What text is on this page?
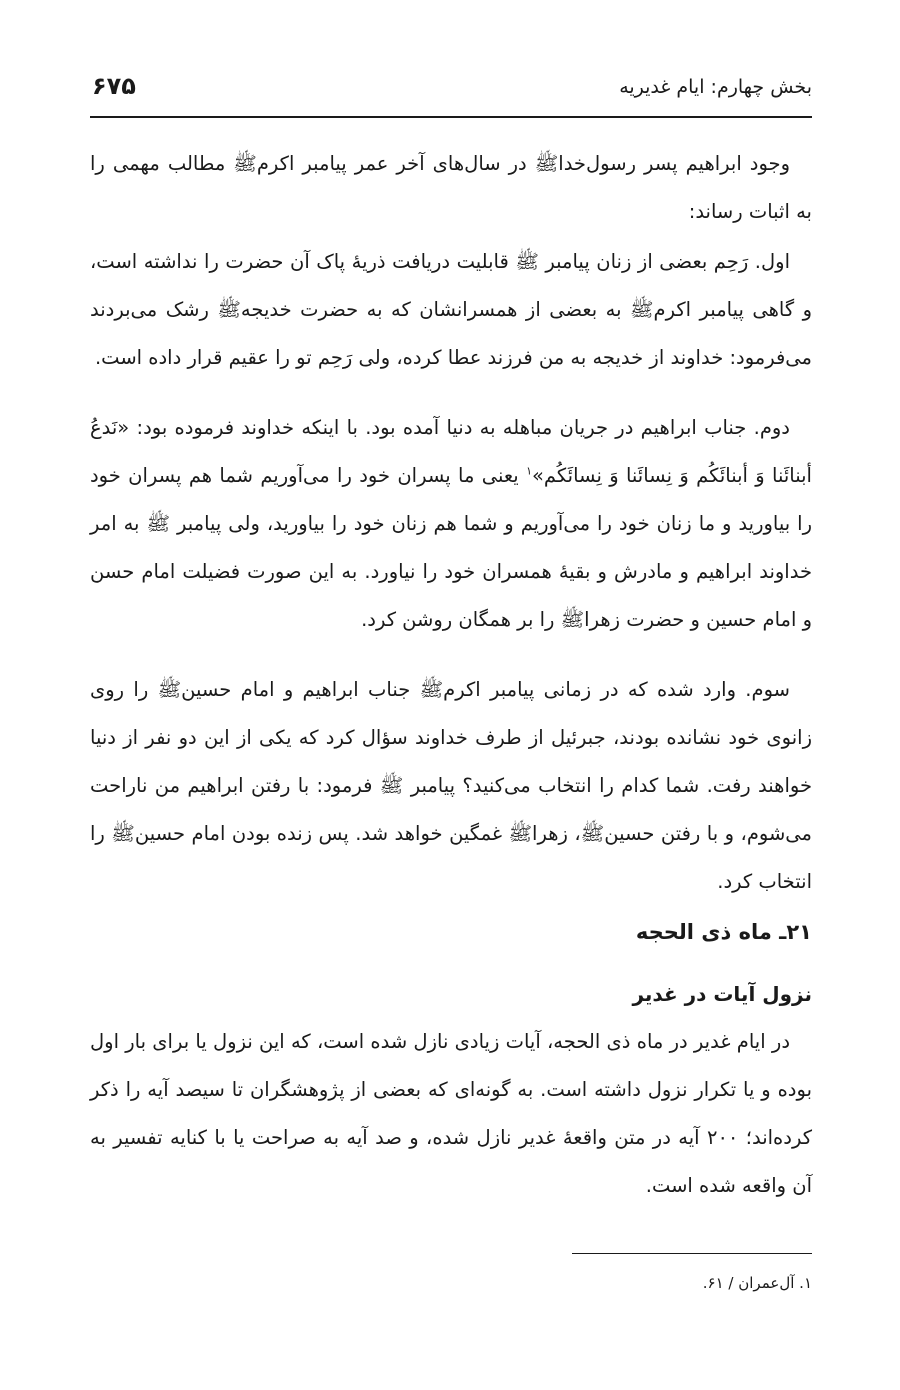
بخش چهارم: ایام غدیریه
۶۷۵

وجود ابراهیم پسر رسول‌خداﷺ در سال‌های آخر عمر پیامبر اکرمﷺ مطالب مهمی را به اثبات رساند:

اول. رَحِم بعضی از زنان پیامبر ﷺ قابلیت دریافت ذریهٔ پاک آن حضرت را نداشته است، و گاهی پیامبر اکرمﷺ به بعضی از همسرانشان که به حضرت خدیجه‌ﷺ رشک می‌بردند می‌فرمود: خداوند از خدیجه به من فرزند عطا کرده، ولی رَحِم تو را عقیم قرار داده است.

دوم. جناب ابراهیم در جریان مباهله به دنیا آمده بود. با اینکه خداوند فرموده بود: «نَدعُ أبنائَنا وَ أبنائَکُم وَ نِسائَنا وَ نِسائَکُم»$^۱$ یعنی ما پسران خود را می‌آوریم شما هم پسران خود را بیاورید و ما زنان خود را می‌آوریم و شما هم زنان خود را بیاورید، ولی پیامبر ﷺ به امر خداوند ابراهیم و مادرش و بقیهٔ همسران خود را نیاورد. به این صورت فضیلت امام حسن و امام حسین و حضرت زهراﷺ را بر همگان روشن کرد.

سوم. وارد شده که در زمانی پیامبر اکرمﷺ جناب ابراهیم و امام حسینﷺ را روی زانوی خود نشانده بودند، جبرئیل از طرف خداوند سؤال کرد که یکی از این دو نفر از دنیا خواهند رفت. شما کدام را انتخاب می‌کنید؟ پیامبر ﷺ فرمود: با رفتن ابراهیم من ناراحت می‌شوم، و با رفتن حسینﷺ، زهراﷺ غمگین خواهد شد. پس زنده بودن امام حسینﷺ را انتخاب کرد.

۲۱ـ ماه ذی الحجه
نزول آیات در غدیر

در ایام غدیر در ماه ذی الحجه، آیات زیادی نازل شده است، که این نزول یا برای بار اول بوده و یا تکرار نزول داشته است. به گونه‌ای که بعضی از پژوهشگران تا سیصد آیه را ذکر کرده‌اند؛ ۲۰۰ آیه در متن واقعهٔ غدیر نازل شده، و صد آیه به صراحت یا با کنایه تفسیر به آن واقعه شده است.

۱. آل‌عمران / ۶۱.
